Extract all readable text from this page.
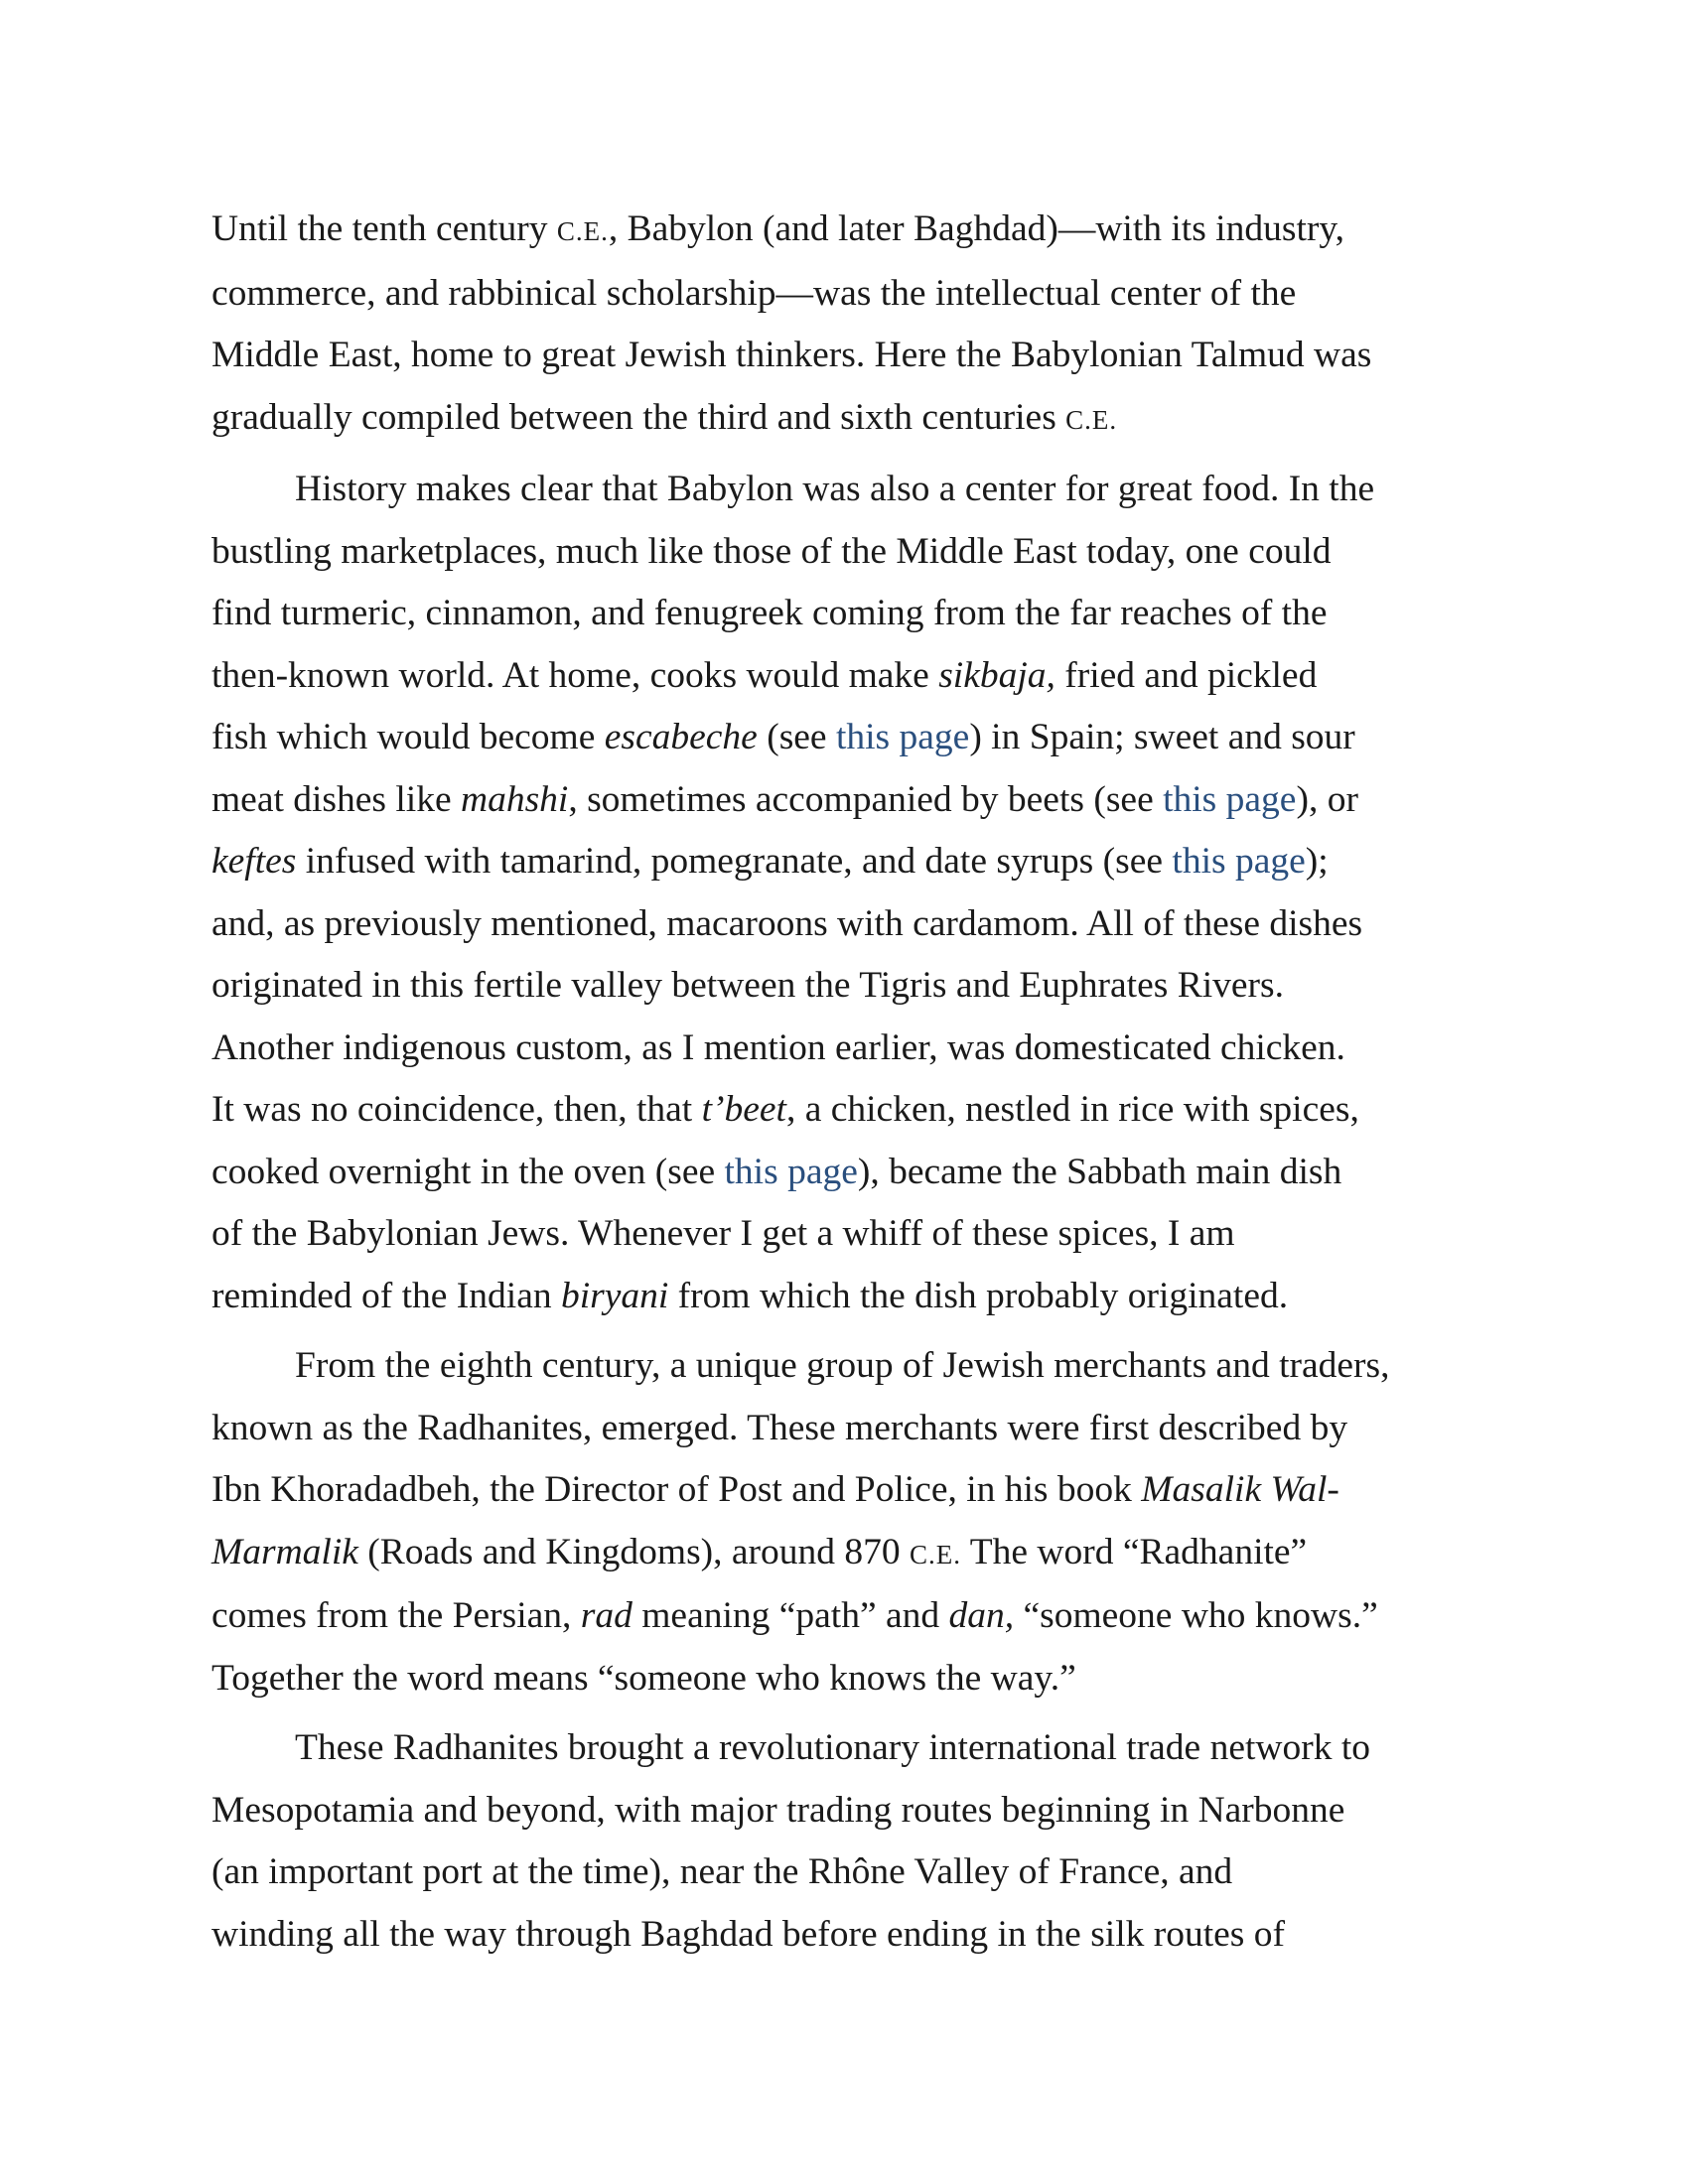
Until the tenth century C.E., Babylon (and later Baghdad)—with its industry,
commerce, and rabbinical scholarship—was the intellectual center of the
Middle East, home to great Jewish thinkers. Here the Babylonian Talmud was
gradually compiled between the third and sixth centuries C.E.
History makes clear that Babylon was also a center for great food. In the
bustling marketplaces, much like those of the Middle East today, one could
find turmeric, cinnamon, and fenugreek coming from the far reaches of the
then-known world. At home, cooks would make sikbaja, fried and pickled
fish which would become escabeche (see this page) in Spain; sweet and sour
meat dishes like mahshi, sometimes accompanied by beets (see this page), or
keftes infused with tamarind, pomegranate, and date syrups (see this page);
and, as previously mentioned, macaroons with cardamom. All of these dishes
originated in this fertile valley between the Tigris and Euphrates Rivers.
Another indigenous custom, as I mention earlier, was domesticated chicken.
It was no coincidence, then, that t’beet, a chicken, nestled in rice with spices,
cooked overnight in the oven (see this page), became the Sabbath main dish
of the Babylonian Jews. Whenever I get a whiff of these spices, I am
reminded of the Indian biryani from which the dish probably originated.
From the eighth century, a unique group of Jewish merchants and traders,
known as the Radhanites, emerged. These merchants were first described by
Ibn Khoradadbeh, the Director of Post and Police, in his book Masalik Wal-
Marmalik (Roads and Kingdoms), around 870 C.E. The word “Radhanite”
comes from the Persian, rad meaning “path” and dan, “someone who knows.”
Together the word means “someone who knows the way.”
These Radhanites brought a revolutionary international trade network to
Mesopotamia and beyond, with major trading routes beginning in Narbonne
(an important port at the time), near the Rhône Valley of France, and
winding all the way through Baghdad before ending in the silk routes of
